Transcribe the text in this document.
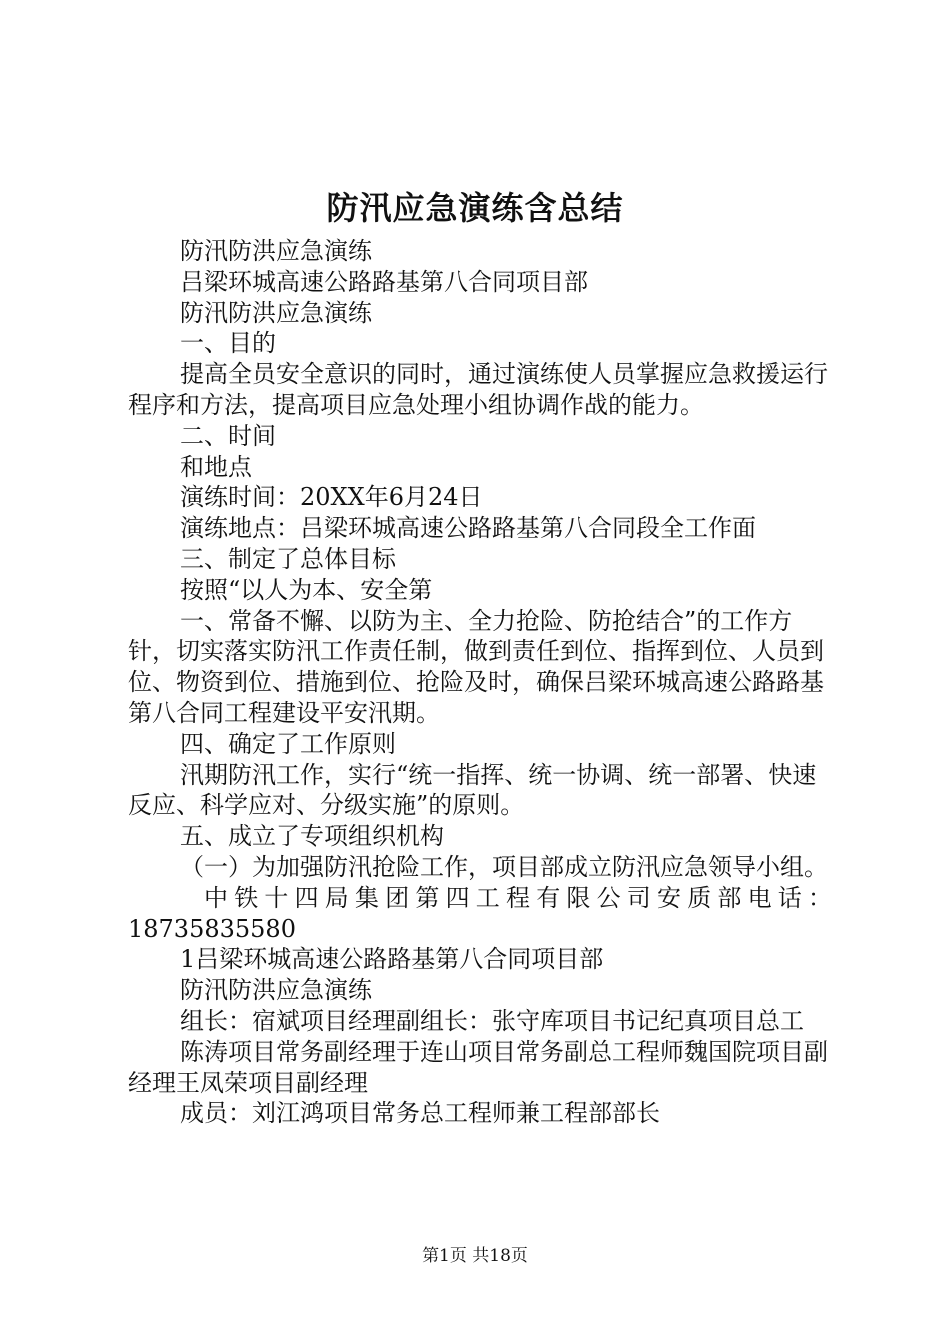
防汛应急演练含总结

防汛防洪应急演练

吕梁环城高速公路路基第八合同项目部

防汛防洪应急演练

一、目的

提高全员安全意识的同时，通过演练使人员掌握应急救援运行程序和方法，提高项目应急处理小组协调作战的能力。

二、时间

和地点

演练时间：20XX年6月24日

演练地点：吕梁环城高速公路路基第八合同段全工作面

三、制定了总体目标

按照“以人为本、安全第

一、常备不懈、以防为主、全力抢险、防抢结合”的工作方针，切实落实防汛工作责任制，做到责任到位、指挥到位、人员到位、物资到位、措施到位、抢险及时，确保吕梁环城高速公路路基第八合同工程建设平安汛期。

四、确定了工作原则

汛期防汛工作，实行“统一指挥、统一协调、统一部署、快速反应、科学应对、分级实施”的原则。

五、成立了专项组织机构

（一）为加强防汛抢险工作，项目部成立防汛应急领导小组。

中铁十四局集团第四工程有限公司安质部电话：

18735835580

1吕梁环城高速公路路基第八合同项目部

防汛防洪应急演练

组长：宿斌项目经理副组长：张守库项目书记纪真项目总工

陈涛项目常务副经理于连山项目常务副总工程师魏国院项目副经理王凤荣项目副经理

成员：刘江鸿项目常务总工程师兼工程部部长

第1页 共18页
